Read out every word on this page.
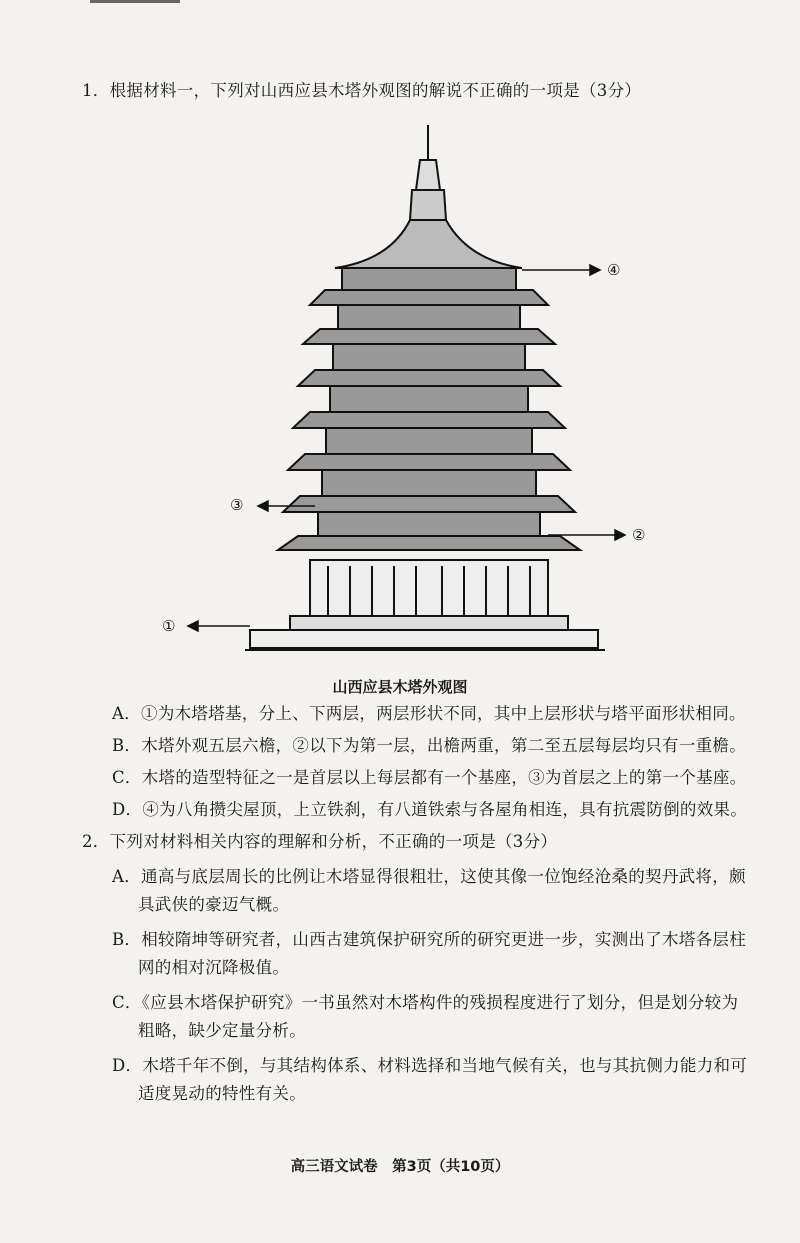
1．根据材料一，下列对山西应县木塔外观图的解说不正确的一项是（3分）
④
②
③
①
山西应县木塔外观图
A．①为木塔塔基，分上、下两层，两层形状不同，其中上层形状与塔平面形状相同。
B．木塔外观五层六檐，②以下为第一层，出檐两重，第二至五层每层均只有一重檐。
C．木塔的造型特征之一是首层以上每层都有一个基座，③为首层之上的第一个基座。
D．④为八角攒尖屋顶，上立铁刹，有八道铁索与各屋角相连，具有抗震防倒的效果。
2．下列对材料相关内容的理解和分析，不正确的一项是（3分）
A．通高与底层周长的比例让木塔显得很粗壮，这使其像一位饱经沧桑的契丹武将，颇
具武侠的豪迈气概。
B．相较隋坤等研究者，山西古建筑保护研究所的研究更进一步，实测出了木塔各层柱
网的相对沉降极值。
C．《应县木塔保护研究》一书虽然对木塔构件的残损程度进行了划分，但是划分较为
粗略，缺少定量分析。
D．木塔千年不倒，与其结构体系、材料选择和当地气候有关，也与其抗侧力能力和可
适度晃动的特性有关。
高三语文试卷　第3页（共10页）
